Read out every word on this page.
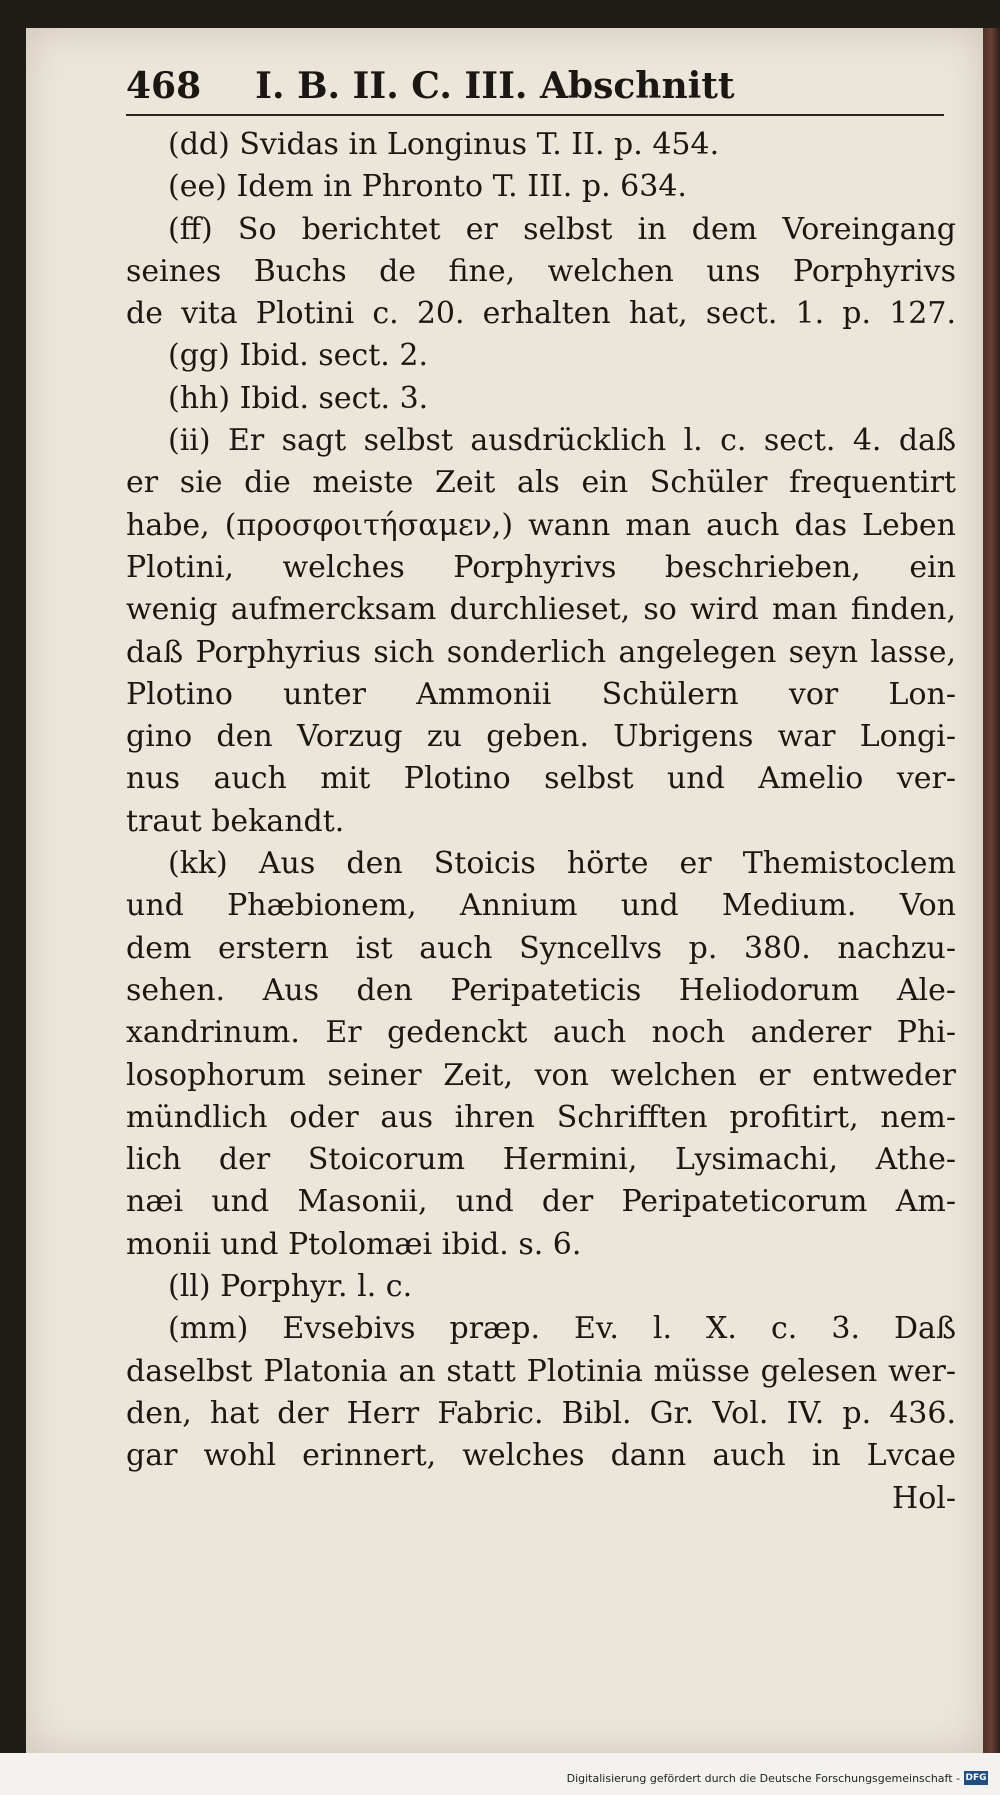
468 I. B. II. C. III. Abschnitt
(dd) Svidas in Longinus T. II. p. 454.
(ee) Idem in Phronto T. III. p. 634.
(ff) So berichtet er selbst in dem Voreingang
seines Buchs de fine, welchen uns Porphyrivs
de vita Plotini c. 20. erhalten hat, sect. 1. p. 127.
(gg) Ibid. sect. 2.
(hh) Ibid. sect. 3.
(ii) Er sagt selbst ausdrücklich l. c. sect. 4. daß
er sie die meiste Zeit als ein Schüler frequentirt
habe, (προσφοιτήσαμεν,) wann man auch das Leben
Plotini, welches Porphyrivs beschrieben, ein
wenig aufmercksam durchlieset, so wird man finden,
daß Porphyrius sich sonderlich angelegen seyn lasse,
Plotino unter Ammonii Schülern vor Lon-
gino den Vorzug zu geben. Ubrigens war Longi-
nus auch mit Plotino selbst und Amelio ver-
traut bekandt.
(kk) Aus den Stoicis hörte er Themistoclem
und Phæbionem, Annium und Medium. Von
dem erstern ist auch Syncellvs p. 380. nachzu-
sehen. Aus den Peripateticis Heliodorum Ale-
xandrinum. Er gedenckt auch noch anderer Phi-
losophorum seiner Zeit, von welchen er entweder
mündlich oder aus ihren Schrifften profitirt, nem-
lich der Stoicorum Hermini, Lysimachi, Athe-
næi und Masonii, und der Peripateticorum Am-
monii und Ptolomæi ibid. s. 6.
(ll) Porphyr. l. c.
(mm) Evsebivs præp. Ev. l. X. c. 3. Daß
daselbst Platonia an statt Plotinia müsse gelesen wer-
den, hat der Herr Fabric. Bibl. Gr. Vol. IV. p. 436.
gar wohl erinnert, welches dann auch in Lvcae
Hol-
Digitalisierung gefördert durch die Deutsche Forschungsgemeinschaft - DFG
